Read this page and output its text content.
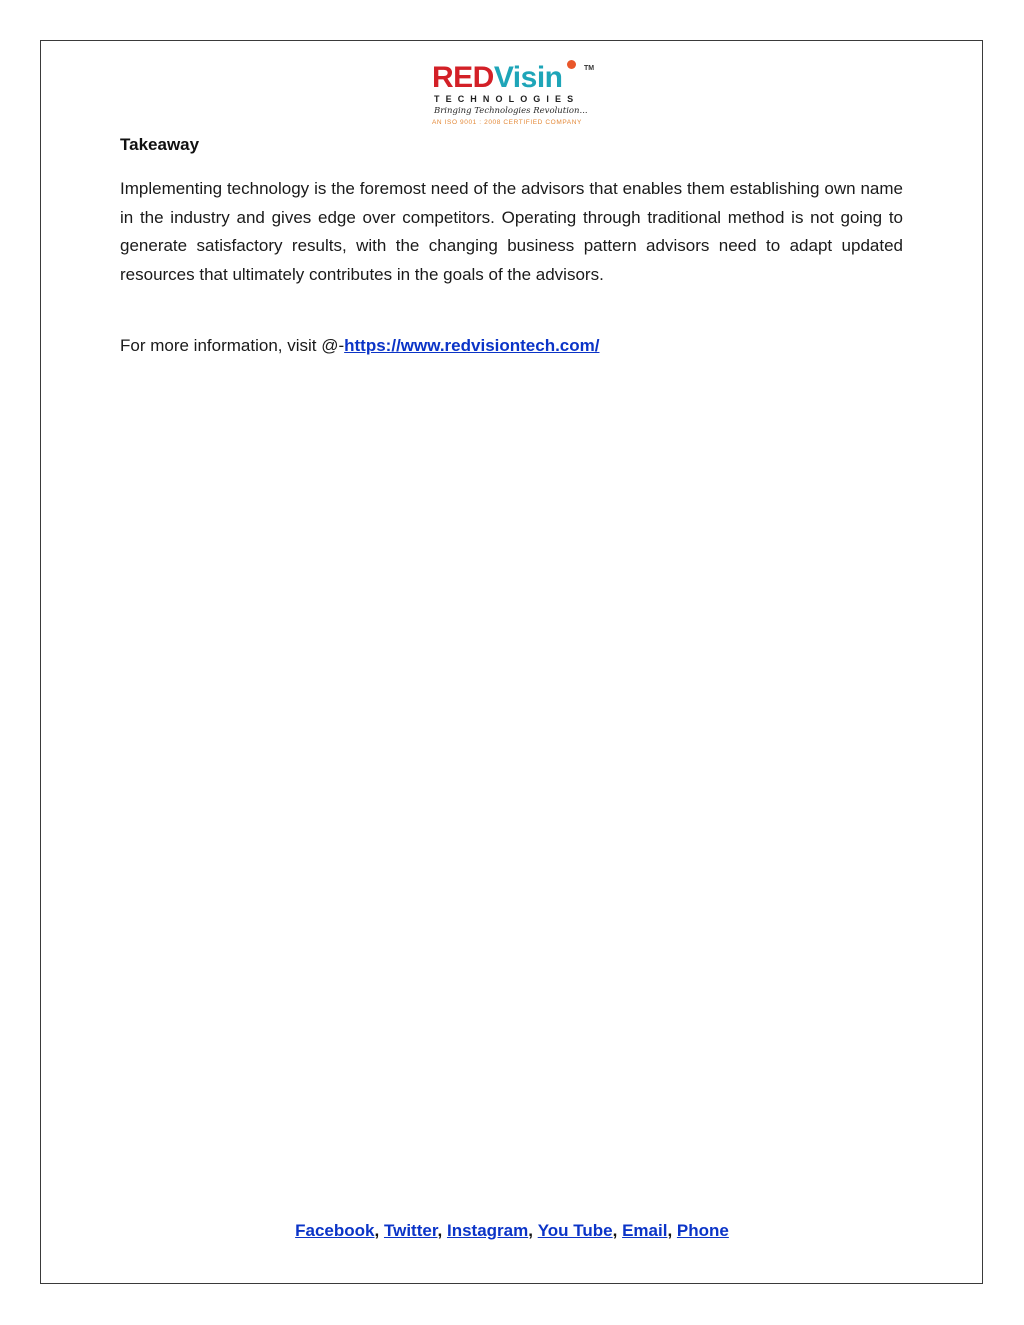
REDVisin	TM
TECHNOLOGIES
Bringing Technologies Revolution...
AN ISO 9001 : 2008 CERTIFIED COMPANY
Takeaway

Implementing technology is the foremost need of the advisors that enables them establishing own name in the industry and gives edge over competitors. Operating through traditional method is not going to generate satisfactory results, with the changing business pattern advisors need to adapt updated resources that ultimately contributes in the goals of the advisors.

For more information, visit @-https://www.redvisiontech.com/
Facebook, Twitter, Instagram, You Tube, Email, Phone
